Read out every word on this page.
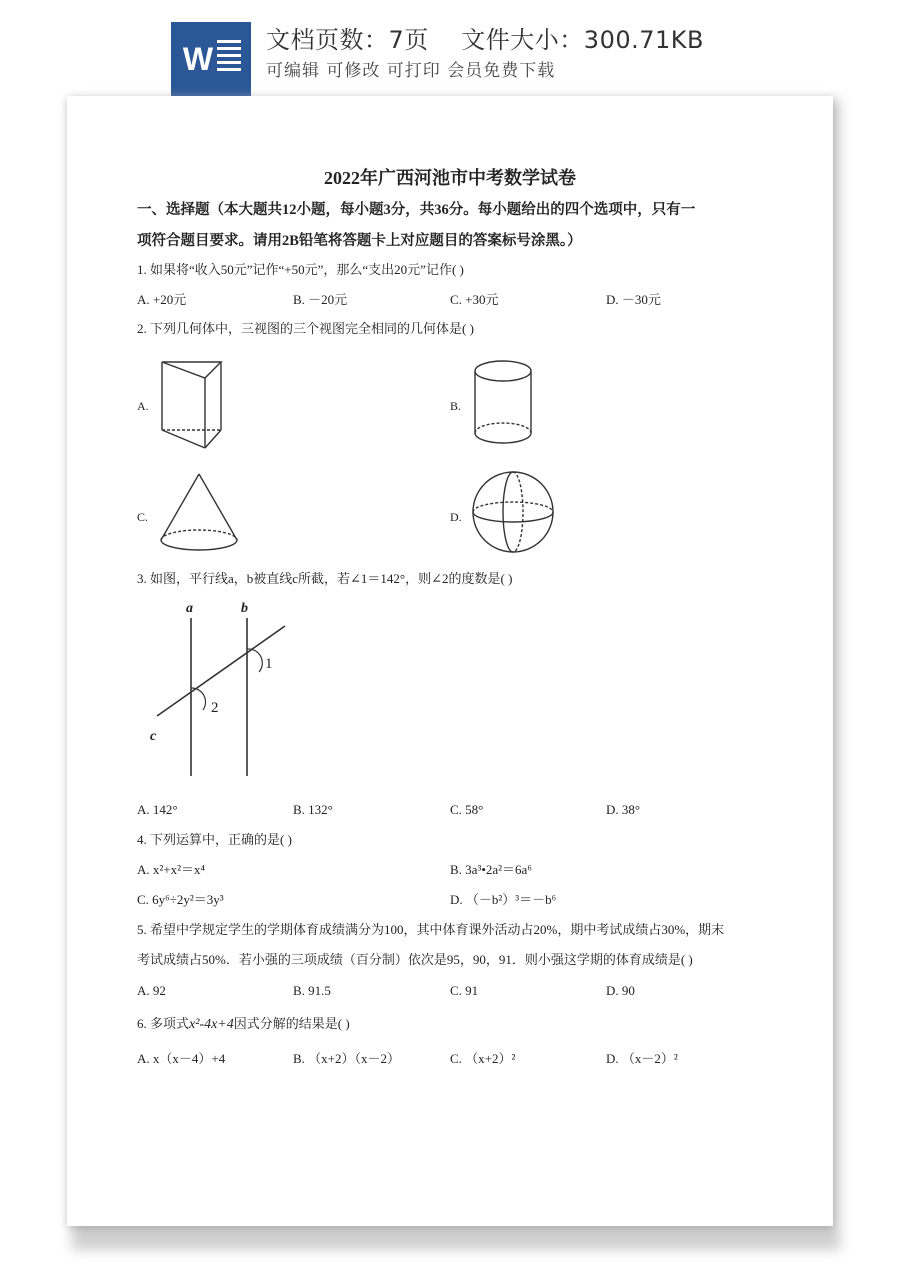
W
文档页数：7页 文件大小：300.71KB
可编辑 可修改 可打印 会员免费下载
2022年广西河池市中考数学试卷
一、选择题（本大题共12小题，每小题3分，共36分。每小题给出的四个选项中，只有一
项符合题目要求。请用2B铅笔将答题卡上对应题目的答案标号涂黑。）
1. 如果将“收入50元”记作“+50元”，那么“支出20元”记作( )
A. +20元	B. －20元	C. +30元	D. －30元
2. 下列几何体中，三视图的三个视图完全相同的几何体是( )
A.	B.
C.	D.
3. 如图，平行线a，b被直线c所截，若∠1＝142°，则∠2的度数是( )
a	b
c
1
2
A. 142°	B. 132°	C. 58°	D. 38°
4. 下列运算中，正确的是( )
A. x²+x²＝x⁴	B. 3a³•2a²＝6a⁶
C. 6y⁶÷2y²＝3y³	D. （－b²）³＝－b⁶
5. 希望中学规定学生的学期体育成绩满分为100，其中体育课外活动占20%，期中考试成绩占30%，期末
考试成绩占50%．若小强的三项成绩（百分制）依次是95，90，91．则小强这学期的体育成绩是( )
A. 92	B. 91.5	C. 91	D. 90
6. 多项式x²-4x+4因式分解的结果是( )
A. x（x－4）+4	B. （x+2）（x－2）	C. （x+2）²	D. （x－2）²
